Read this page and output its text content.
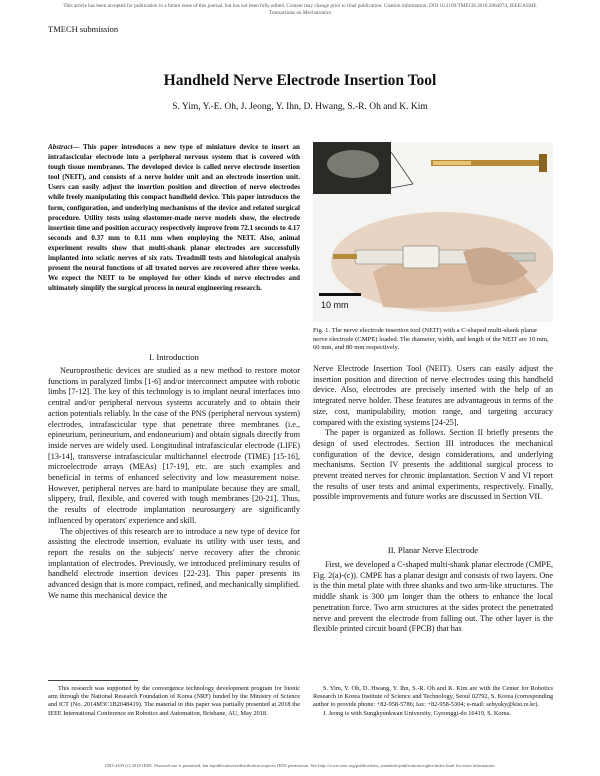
This article has been accepted for publication in a future issue of this journal, but has not been fully edited. Content may change prior to final publication. Citation information: DOI 10.1109/TMECH.2018.2864974, IEEE/ASME
Transactions on Mechatronics
TMECH submission
Handheld Nerve Electrode Insertion Tool
S. Yim, Y.-E. Oh, J. Jeong, Y. Ihn, D. Hwang, S.-R. Oh and K. Kim
Abstract— This paper introduces a new type of miniature device to insert an intrafascicular electrode into a peripheral nervous system that is covered with tough tissue membranes. The developed device is called nerve electrode insertion tool (NEIT), and consists of a nerve holder unit and an electrode insertion unit. Users can easily adjust the insertion position and direction of nerve electrodes while freely manipulating this compact handheld device. This paper introduces the form, configuration, and underlying mechanisms of the device and related surgical procedure. Utility tests using elastomer-made nerve models show, the electrode insertion time and position accuracy respectively improve from 72.1 seconds to 4.17 seconds and 0.37 mm to 0.11 mm when employing the NEIT. Also, animal experiment results show that multi-shank planar electrodes are successfully implanted into sciatic nerves of six rats. Treadmill tests and histological analysis present the neural functions of all treated nerves are recovered after three weeks. We expect the NEIT to be employed for other kinds of nerve electrodes and ultimately simplify the surgical process in neural engineering research.
I. Introduction

Neuroprosthetic devices are studied as a new method to restore motor functions in paralyzed limbs [1-6] and/or interconnect amputee with robotic limbs [7-12]. The key of this technology is to implant neural interfaces into central and/or peripheral nervous systems accurately and to obtain their action potentials reliably. In the case of the PNS (peripheral nervous system) electrodes, intrafascicular type that penetrate three membranes (i.e., epineurium, perineurium, and endoneurium) and obtain signals directly from inside nerves are widely used. Longitudinal intrafascicular electrode (LIFE) [13-14], transverse intrafascicular multichannel electrode (TIME) [15-16], microelectrode arrays (MEAs) [17-19], etc. are such examples and beneficial in terms of enhanced selectivity and low measurement noise. However, peripheral nerves are hard to manipulate because they are small, slippery, frail, flexible, and covered with tough membranes [20-21]. Thus, the results of electrode implantation neurosurgery are significantly influenced by operators' experience and skill.

The objectives of this research are to introduce a new type of device for assisting the electrode insertion, evaluate its utility with user tests, and report the results on the subjects' nerve recovery after the chronic implantation of electrodes. Previously, we introduced preliminary results of handheld electrode insertion devices [22-23]. This paper presents its advanced design that is more compact, refined, and mechanically simplified. We name this mechanical device the

10 mm
Fig. 1. The nerve electrode insertion tool (NEIT) with a C-shaped multi-shank planar nerve electrode (CMPE) loaded. The diameter, width, and length of the NEIT are 10 mm, 60 mm, and 80 mm respectively.

Nerve Electrode Insertion Tool (NEIT). Users can easily adjust the insertion position and direction of nerve electrodes using this handheld device. Also, electrodes are precisely inserted with the help of an integrated nerve holder. These features are advantageous in terms of the size, cost, manipulability, motion range, and targeting accuracy compared with the existing systems [24-25].

The paper is organized as follows. Section II briefly presents the design of used electrodes. Section III introduces the mechanical configuration of the device, design considerations, and underlying mechanisms. Section IV presents the additional surgical process to prevent treated nerves for chronic implantation. Section V and VI report the results of user tests and animal experiments, respectively. Finally, possible improvements and future works are discussed in Section VII.

II. Planar Nerve Electrode

First, we developed a C-shaped multi-shank planar electrode (CMPE, Fig. 2(a)-(c)). CMPE has a planar design and consists of two layers. One is the thin metal plate with three shanks and two arm-like structures. The middle shank is 300 μm longer than the others to enhance the local penetration force. Two arm structures at the sides protect the penetrated nerve and prevent the electrode from falling out. The other layer is the flexible printed circuit board (FPCB) that has

This research was supported by the convergence technology development program for bionic arm through the National Research Foundation of Korea (NRF) funded by the Ministry of Science and ICT (No. 2014M3C1B2048419). The material in this paper was partially presented at 2018 the IEEE International Conference on Robotics and Automation, Brisbane, AU, May 2018.

S. Yim, Y. Oh, D. Hwang, Y. Ihn, S.-R. Oh and K. Kim are with the Center for Robotics Research in Korea Institute of Science and Technology, Seoul 02792, S. Korea (corresponding author to provide phone: +82-958-5786; fax: +82-958-5304; e-mail: sehyuky@kist.re.kr).

J. Jeong is with Sungkyunkwan University, Gyeonggi-do 16419, S. Korea.

1083-4435 (c) 2018 IEEE. Personal use is permitted, but republication/redistribution requires IEEE permission. See http://www.ieee.org/publications_standards/publications/rights/index.html for more information.
